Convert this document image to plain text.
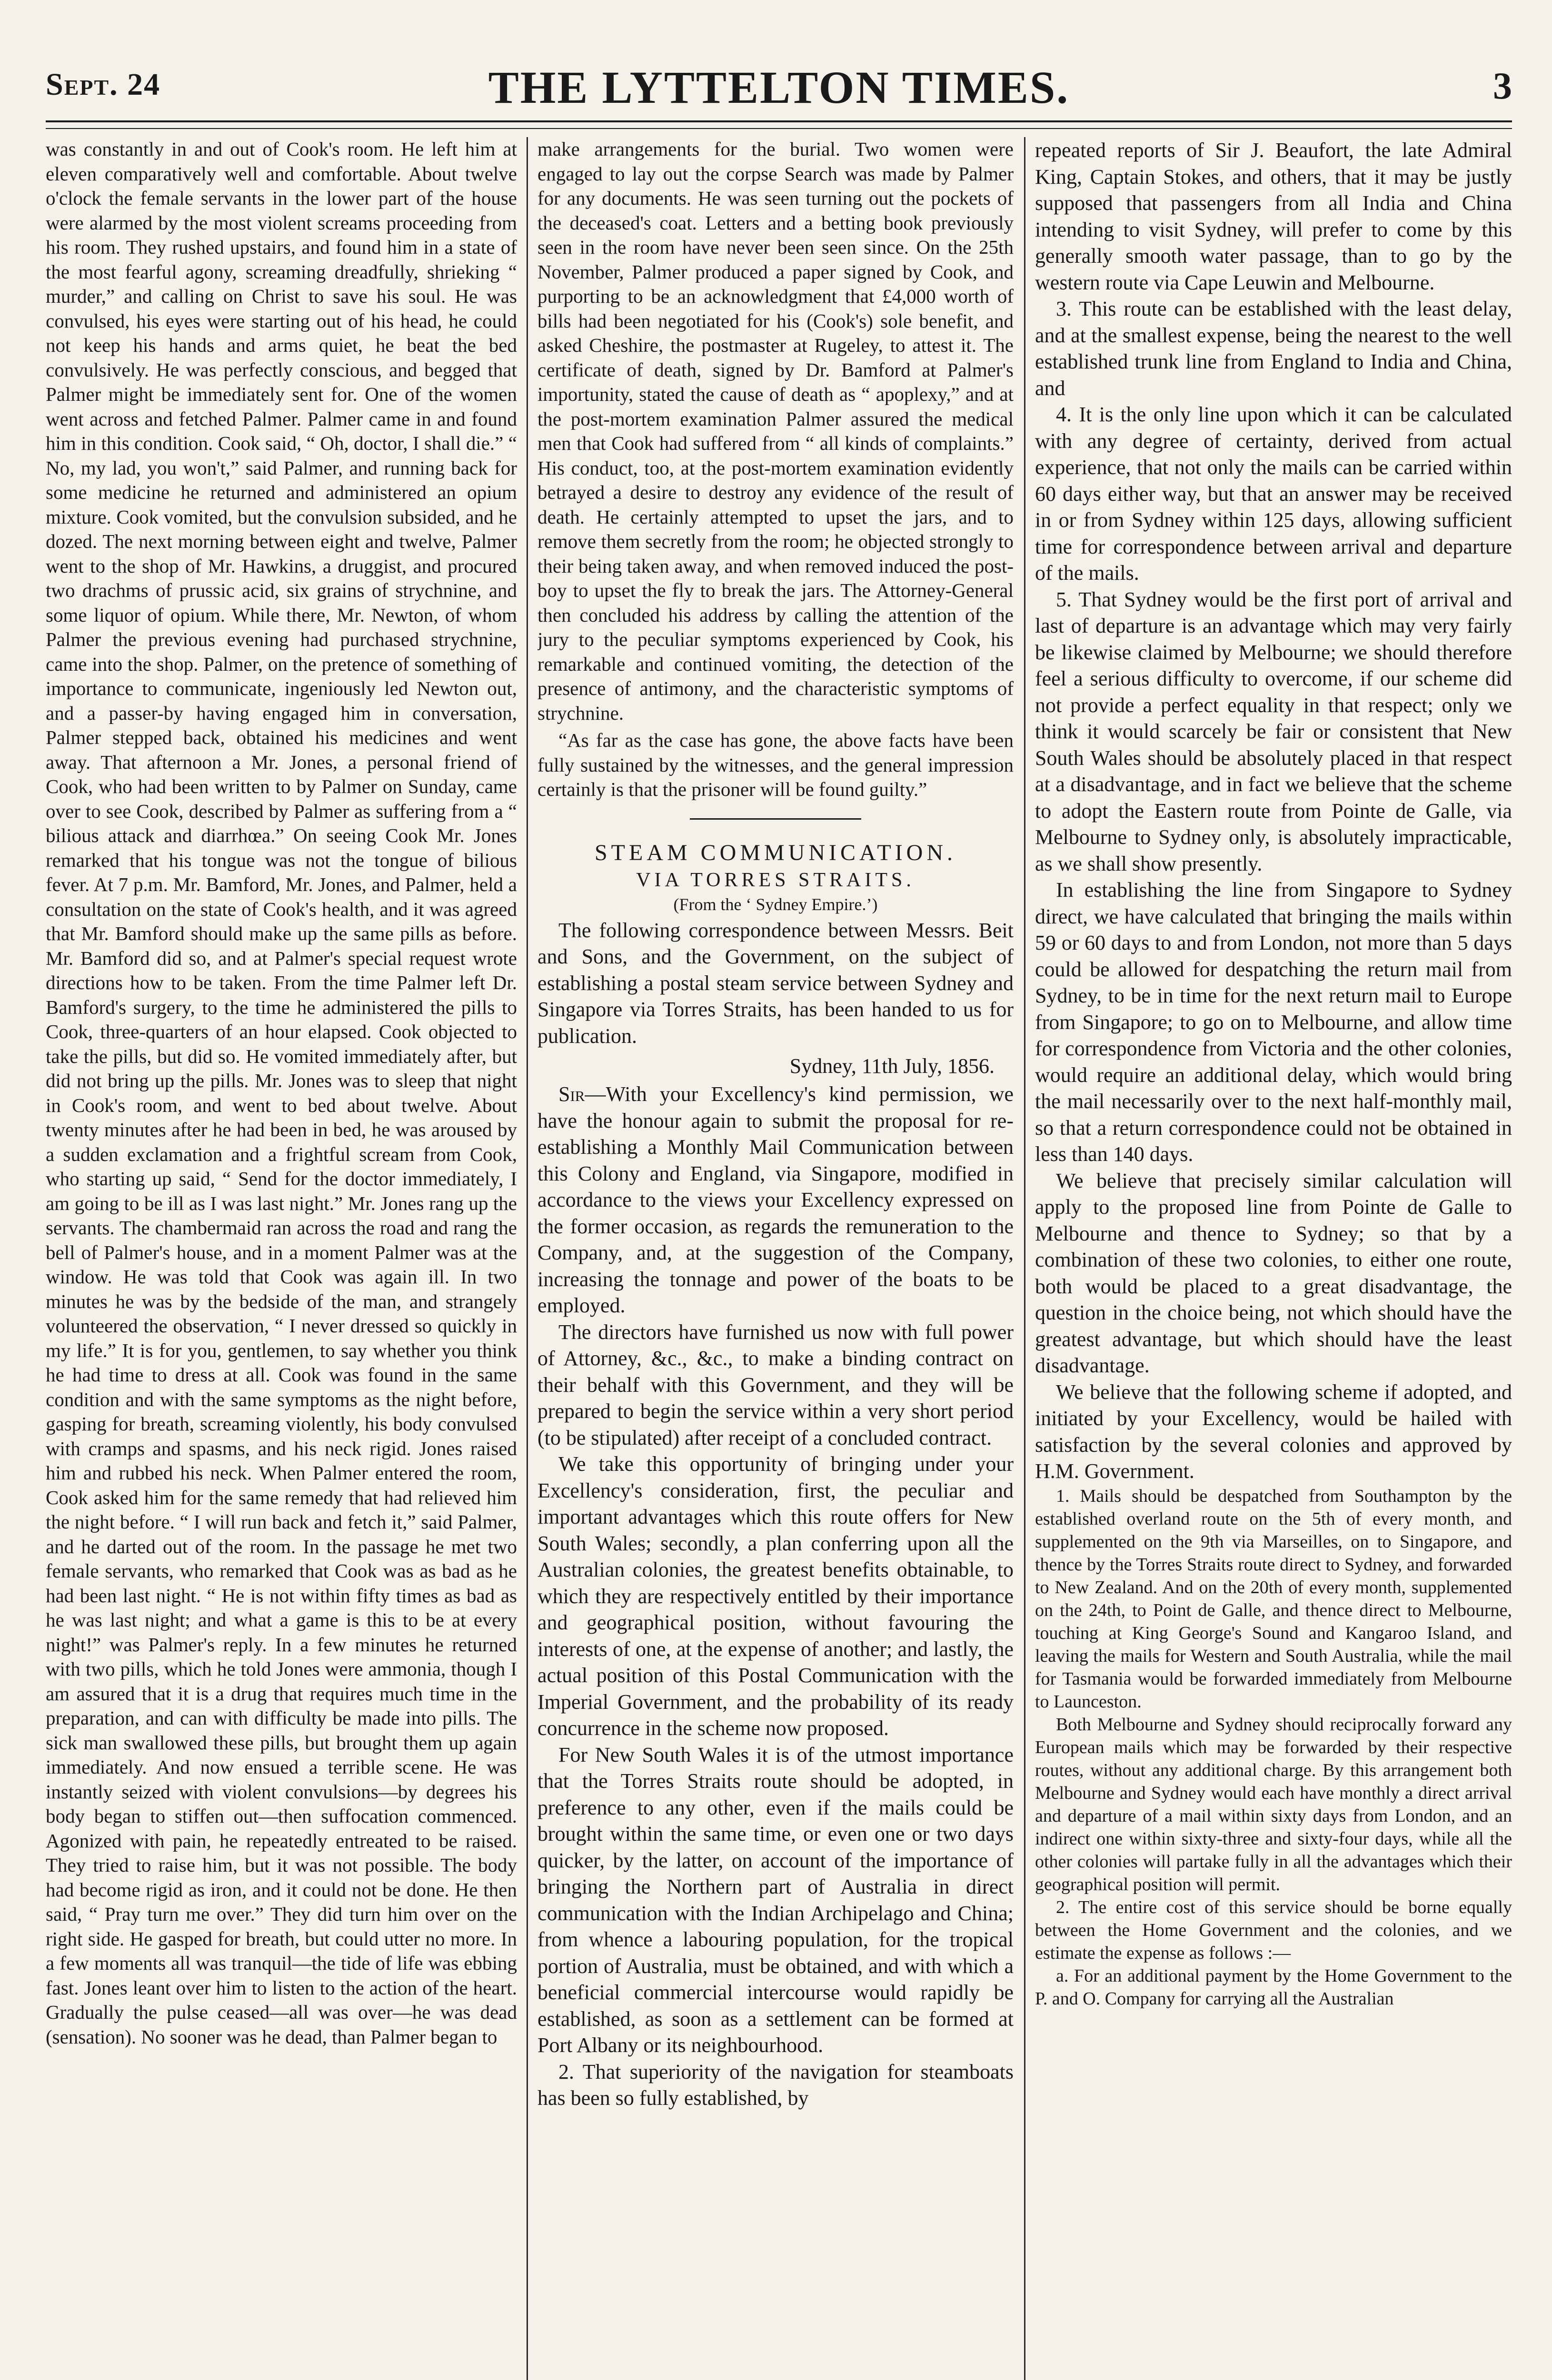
Sept. 24	THE LYTTELTON TIMES.	3

was constantly in and out of Cook's room. He left him at eleven comparatively well and comfortable. About twelve o'clock the female servants in the lower part of the house were alarmed by the most violent screams proceeding from his room. They rushed upstairs, and found him in a state of the most fearful agony, screaming dreadfully, shrieking “ murder,” and calling on Christ to save his soul. He was convulsed, his eyes were starting out of his head, he could not keep his hands and arms quiet, he beat the bed convulsively. He was perfectly conscious, and begged that Palmer might be immediately sent for. One of the women went across and fetched Palmer. Palmer came in and found him in this condition. Cook said, “ Oh, doctor, I shall die.” “ No, my lad, you won't,” said Palmer, and running back for some medicine he returned and administered an opium mixture. Cook vomited, but the convulsion subsided, and he dozed. The next morning between eight and twelve, Palmer went to the shop of Mr. Hawkins, a druggist, and procured two drachms of prussic acid, six grains of strychnine, and some liquor of opium. While there, Mr. Newton, of whom Palmer the previous evening had purchased strychnine, came into the shop. Palmer, on the pretence of something of importance to communicate, ingeniously led Newton out, and a passer-by having engaged him in conversation, Palmer stepped back, obtained his medicines and went away. That afternoon a Mr. Jones, a personal friend of Cook, who had been written to by Palmer on Sunday, came over to see Cook, described by Palmer as suffering from a “ bilious attack and diarrhœa.” On seeing Cook Mr. Jones remarked that his tongue was not the tongue of bilious fever. At 7 p.m. Mr. Bamford, Mr. Jones, and Palmer, held a consultation on the state of Cook's health, and it was agreed that Mr. Bamford should make up the same pills as before. Mr. Bamford did so, and at Palmer's special request wrote directions how to be taken. From the time Palmer left Dr. Bamford's surgery, to the time he administered the pills to Cook, three-quarters of an hour elapsed. Cook objected to take the pills, but did so. He vomited immediately after, but did not bring up the pills. Mr. Jones was to sleep that night in Cook's room, and went to bed about twelve. About twenty minutes after he had been in bed, he was aroused by a sudden exclamation and a frightful scream from Cook, who starting up said, “ Send for the doctor immediately, I am going to be ill as I was last night.” Mr. Jones rang up the servants. The chambermaid ran across the road and rang the bell of Palmer's house, and in a moment Palmer was at the window. He was told that Cook was again ill. In two minutes he was by the bedside of the man, and strangely volunteered the observation, “ I never dressed so quickly in my life.” It is for you, gentlemen, to say whether you think he had time to dress at all. Cook was found in the same condition and with the same symptoms as the night before, gasping for breath, screaming violently, his body convulsed with cramps and spasms, and his neck rigid. Jones raised him and rubbed his neck. When Palmer entered the room, Cook asked him for the same remedy that had relieved him the night before. “ I will run back and fetch it,” said Palmer, and he darted out of the room. In the passage he met two female servants, who remarked that Cook was as bad as he had been last night. “ He is not within fifty times as bad as he was last night; and what a game is this to be at every night!” was Palmer's reply. In a few minutes he returned with two pills, which he told Jones were ammonia, though I am assured that it is a drug that requires much time in the preparation, and can with difficulty be made into pills. The sick man swallowed these pills, but brought them up again immediately. And now ensued a terrible scene. He was instantly seized with violent convulsions—by degrees his body began to stiffen out—then suffocation commenced. Agonized with pain, he repeatedly entreated to be raised. They tried to raise him, but it was not possible. The body had become rigid as iron, and it could not be done. He then said, “ Pray turn me over.” They did turn him over on the right side. He gasped for breath, but could utter no more. In a few moments all was tranquil—the tide of life was ebbing fast. Jones leant over him to listen to the action of the heart. Gradually the pulse ceased—all was over—he was dead (sensation). No sooner was he dead, than Palmer began to

make arrangements for the burial. Two women were engaged to lay out the corpse Search was made by Palmer for any documents. He was seen turning out the pockets of the deceased's coat. Letters and a betting book previously seen in the room have never been seen since. On the 25th November, Palmer produced a paper signed by Cook, and purporting to be an acknowledgment that £4,000 worth of bills had been negotiated for his (Cook's) sole benefit, and asked Cheshire, the postmaster at Rugeley, to attest it. The certificate of death, signed by Dr. Bamford at Palmer's importunity, stated the cause of death as “ apoplexy,” and at the post-mortem examination Palmer assured the medical men that Cook had suffered from “ all kinds of complaints.” His conduct, too, at the post-mortem examination evidently betrayed a desire to destroy any evidence of the result of death. He certainly attempted to upset the jars, and to remove them secretly from the room; he objected strongly to their being taken away, and when removed induced the post-boy to upset the fly to break the jars. The Attorney-General then concluded his address by calling the attention of the jury to the peculiar symptoms experienced by Cook, his remarkable and continued vomiting, the detection of the presence of antimony, and the characteristic symptoms of strychnine.

“As far as the case has gone, the above facts have been fully sustained by the witnesses, and the general impression certainly is that the prisoner will be found guilty.”

STEAM COMMUNICATION.
VIA TORRES STRAITS.
(From the ‘ Sydney Empire.’)

The following correspondence between Messrs. Beit and Sons, and the Government, on the subject of establishing a postal steam service between Sydney and Singapore via Torres Straits, has been handed to us for publication.

Sydney, 11th July, 1856.

Sir—With your Excellency's kind permission, we have the honour again to submit the proposal for re-establishing a Monthly Mail Communication between this Colony and England, via Singapore, modified in accordance to the views your Excellency expressed on the former occasion, as regards the remuneration to the Company, and, at the suggestion of the Company, increasing the tonnage and power of the boats to be employed.

The directors have furnished us now with full power of Attorney, &c., &c., to make a binding contract on their behalf with this Government, and they will be prepared to begin the service within a very short period (to be stipulated) after receipt of a concluded contract.

We take this opportunity of bringing under your Excellency's consideration, first, the peculiar and important advantages which this route offers for New South Wales; secondly, a plan conferring upon all the Australian colonies, the greatest benefits obtainable, to which they are respectively entitled by their importance and geographical position, without favouring the interests of one, at the expense of another; and lastly, the actual position of this Postal Communication with the Imperial Government, and the probability of its ready concurrence in the scheme now proposed.

For New South Wales it is of the utmost importance that the Torres Straits route should be adopted, in preference to any other, even if the mails could be brought within the same time, or even one or two days quicker, by the latter, on account of the importance of bringing the Northern part of Australia in direct communication with the Indian Archipelago and China; from whence a labouring population, for the tropical portion of Australia, must be obtained, and with which a beneficial commercial intercourse would rapidly be established, as soon as a settlement can be formed at Port Albany or its neighbourhood.

2. That superiority of the navigation for steamboats has been so fully established, by

repeated reports of Sir J. Beaufort, the late Admiral King, Captain Stokes, and others, that it may be justly supposed that passengers from all India and China intending to visit Sydney, will prefer to come by this generally smooth water passage, than to go by the western route via Cape Leuwin and Melbourne.

3. This route can be established with the least delay, and at the smallest expense, being the nearest to the well established trunk line from England to India and China, and

4. It is the only line upon which it can be calculated with any degree of certainty, derived from actual experience, that not only the mails can be carried within 60 days either way, but that an answer may be received in or from Sydney within 125 days, allowing sufficient time for correspondence between arrival and departure of the mails.

5. That Sydney would be the first port of arrival and last of departure is an advantage which may very fairly be likewise claimed by Melbourne; we should therefore feel a serious difficulty to overcome, if our scheme did not provide a perfect equality in that respect; only we think it would scarcely be fair or consistent that New South Wales should be absolutely placed in that respect at a disadvantage, and in fact we believe that the scheme to adopt the Eastern route from Pointe de Galle, via Melbourne to Sydney only, is absolutely impracticable, as we shall show presently.

In establishing the line from Singapore to Sydney direct, we have calculated that bringing the mails within 59 or 60 days to and from London, not more than 5 days could be allowed for despatching the return mail from Sydney, to be in time for the next return mail to Europe from Singapore; to go on to Melbourne, and allow time for correspondence from Victoria and the other colonies, would require an additional delay, which would bring the mail necessarily over to the next half-monthly mail, so that a return correspondence could not be obtained in less than 140 days.

We believe that precisely similar calculation will apply to the proposed line from Pointe de Galle to Melbourne and thence to Sydney; so that by a combination of these two colonies, to either one route, both would be placed to a great disadvantage, the question in the choice being, not which should have the greatest advantage, but which should have the least disadvantage.

We believe that the following scheme if adopted, and initiated by your Excellency, would be hailed with satisfaction by the several colonies and approved by H.M. Government.

1. Mails should be despatched from Southampton by the established overland route on the 5th of every month, and supplemented on the 9th via Marseilles, on to Singapore, and thence by the Torres Straits route direct to Sydney, and forwarded to New Zealand. And on the 20th of every month, supplemented on the 24th, to Point de Galle, and thence direct to Melbourne, touching at King George's Sound and Kangaroo Island, and leaving the mails for Western and South Australia, while the mail for Tasmania would be forwarded immediately from Melbourne to Launceston.

Both Melbourne and Sydney should reciprocally forward any European mails which may be forwarded by their respective routes, without any additional charge. By this arrangement both Melbourne and Sydney would each have monthly a direct arrival and departure of a mail within sixty days from London, and an indirect one within sixty-three and sixty-four days, while all the other colonies will partake fully in all the advantages which their geographical position will permit.

2. The entire cost of this service should be borne equally between the Home Government and the colonies, and we estimate the expense as follows :—

a. For an additional payment by the Home Government to the P. and O. Company for carrying all the Australian
